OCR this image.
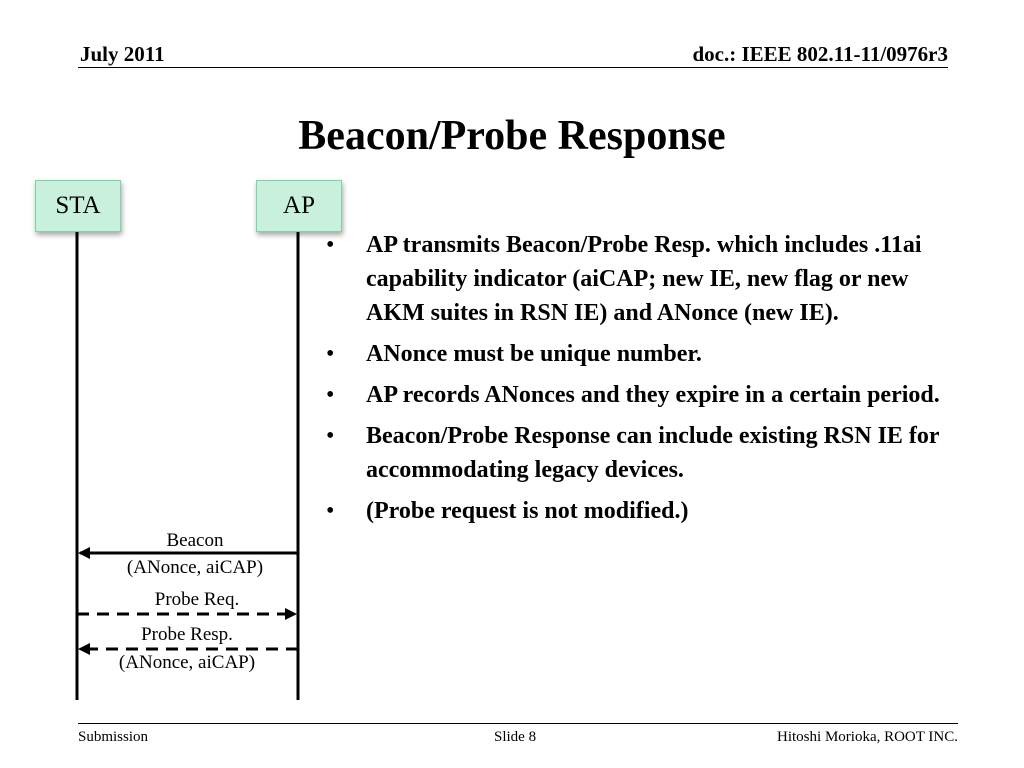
July 2011	doc.: IEEE 802.11-11/0976r3
Beacon/Probe Response
STA	AP
Beacon
(ANonce, aiCAP)
Probe Req.
Probe Resp.
(ANonce, aiCAP)
• AP transmits Beacon/Probe Resp. which includes .11ai capability indicator (aiCAP; new IE, new flag or new AKM suites in RSN IE) and ANonce (new IE).
• ANonce must be unique number.
• AP records ANonces and they expire in a certain period.
• Beacon/Probe Response can include existing RSN IE for accommodating legacy devices.
• (Probe request is not modified.)
Submission	Slide 8	Hitoshi Morioka, ROOT INC.
